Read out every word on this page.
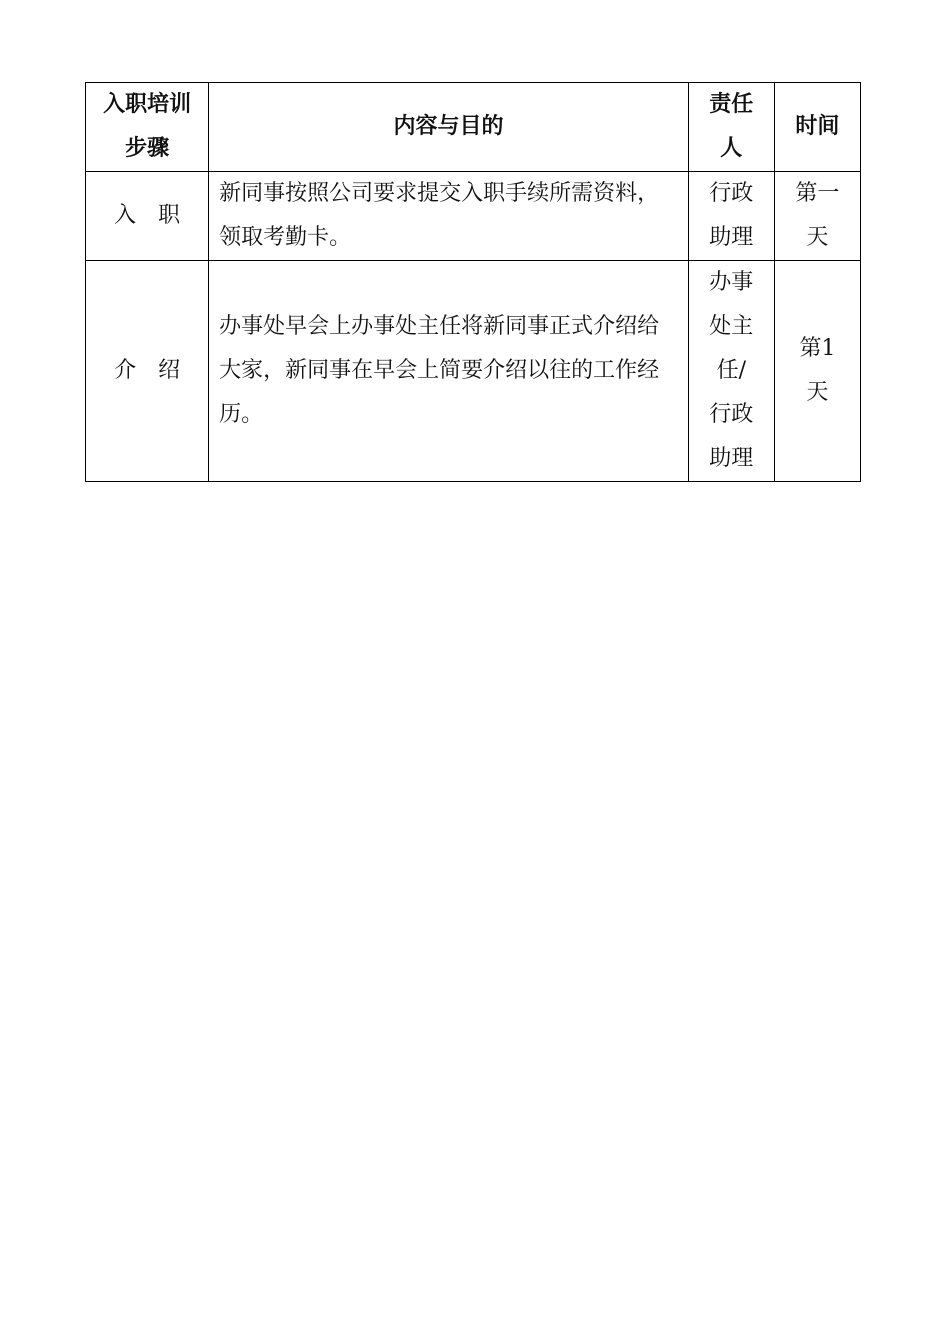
入职培训步骤	内容与目的	责任人	时间
入　职	新同事按照公司要求提交入职手续所需资料，领取考勤卡。	行政助理	第一天

介　绍	办事处早会上办事处主任将新同事正式介绍给大家，新同事在早会上简要介绍以往的工作经历。	办事处主任/行政助理	第1天
